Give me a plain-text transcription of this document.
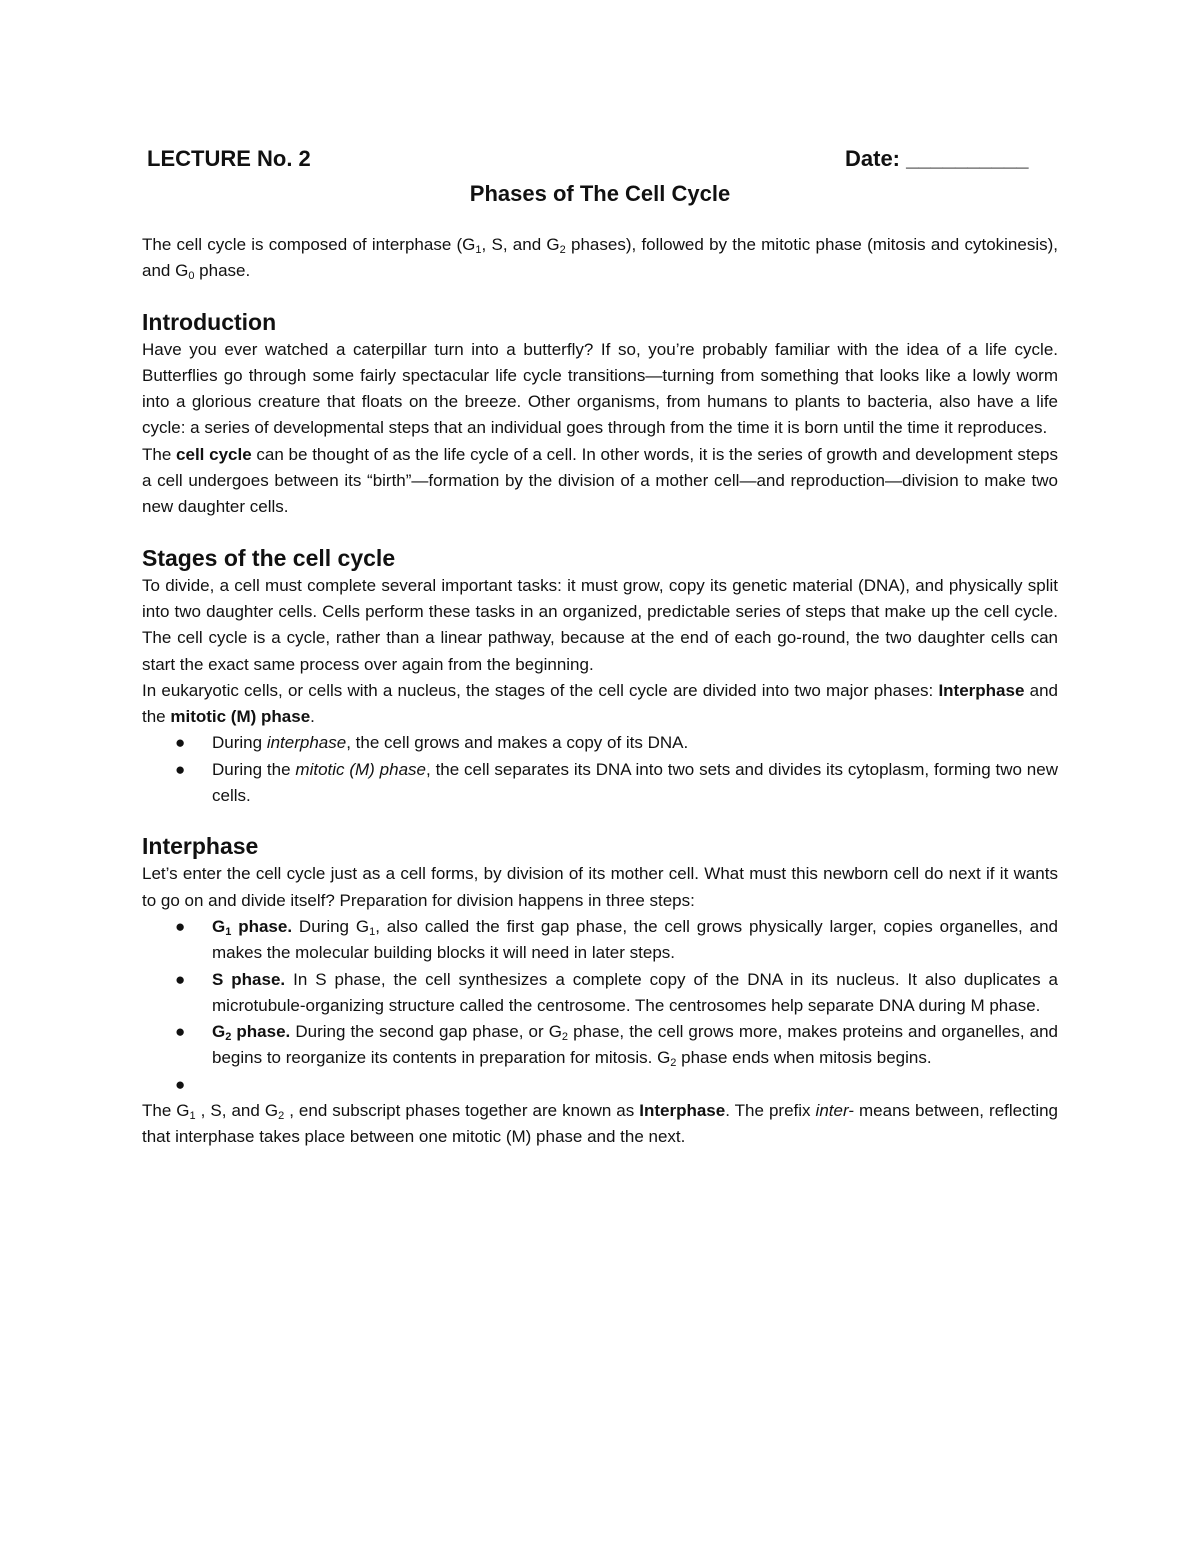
LECTURE No. 2	Date: __________
Phases of The Cell Cycle

The cell cycle is composed of interphase ($G_1$, S, and $G_2$ phases), followed by the mitotic phase (mitosis and cytokinesis), and $G_0$ phase.

Introduction

Have you ever watched a caterpillar turn into a butterfly? If so, you’re probably familiar with the idea of a life cycle. Butterflies go through some fairly spectacular life cycle transitions—turning from something that looks like a lowly worm into a glorious creature that floats on the breeze. Other organisms, from humans to plants to bacteria, also have a life cycle: a series of developmental steps that an individual goes through from the time it is born until the time it reproduces.

The cell cycle can be thought of as the life cycle of a cell. In other words, it is the series of growth and development steps a cell undergoes between its “birth”—formation by the division of a mother cell—and reproduction—division to make two new daughter cells.

Stages of the cell cycle

To divide, a cell must complete several important tasks: it must grow, copy its genetic material (DNA), and physically split into two daughter cells. Cells perform these tasks in an organized, predictable series of steps that make up the cell cycle. The cell cycle is a cycle, rather than a linear pathway, because at the end of each go-round, the two daughter cells can start the exact same process over again from the beginning.

In eukaryotic cells, or cells with a nucleus, the stages of the cell cycle are divided into two major phases: Interphase and the mitotic (M) phase.

● During interphase, the cell grows and makes a copy of its DNA.
● During the mitotic (M) phase, the cell separates its DNA into two sets and divides its cytoplasm, forming two new cells.
Interphase

Let’s enter the cell cycle just as a cell forms, by division of its mother cell. What must this newborn cell do next if it wants to go on and divide itself? Preparation for division happens in three steps:

● $G_1$ phase. During $G_1$, also called the first gap phase, the cell grows physically larger, copies organelles, and makes the molecular building blocks it will need in later steps.
● S phase. In S phase, the cell synthesizes a complete copy of the DNA in its nucleus. It also duplicates a microtubule-organizing structure called the centrosome. The centrosomes help separate DNA during M phase.
● $G_2$ phase. During the second gap phase, or $G_2$ phase, the cell grows more, makes proteins and organelles, and begins to reorganize its contents in preparation for mitosis. $G_2$ phase ends when mitosis begins.
●

The $G_1$ , S, and $G_2$ , end subscript phases together are known as Interphase. The prefix inter- means between, reflecting that interphase takes place between one mitotic (M) phase and the next.
